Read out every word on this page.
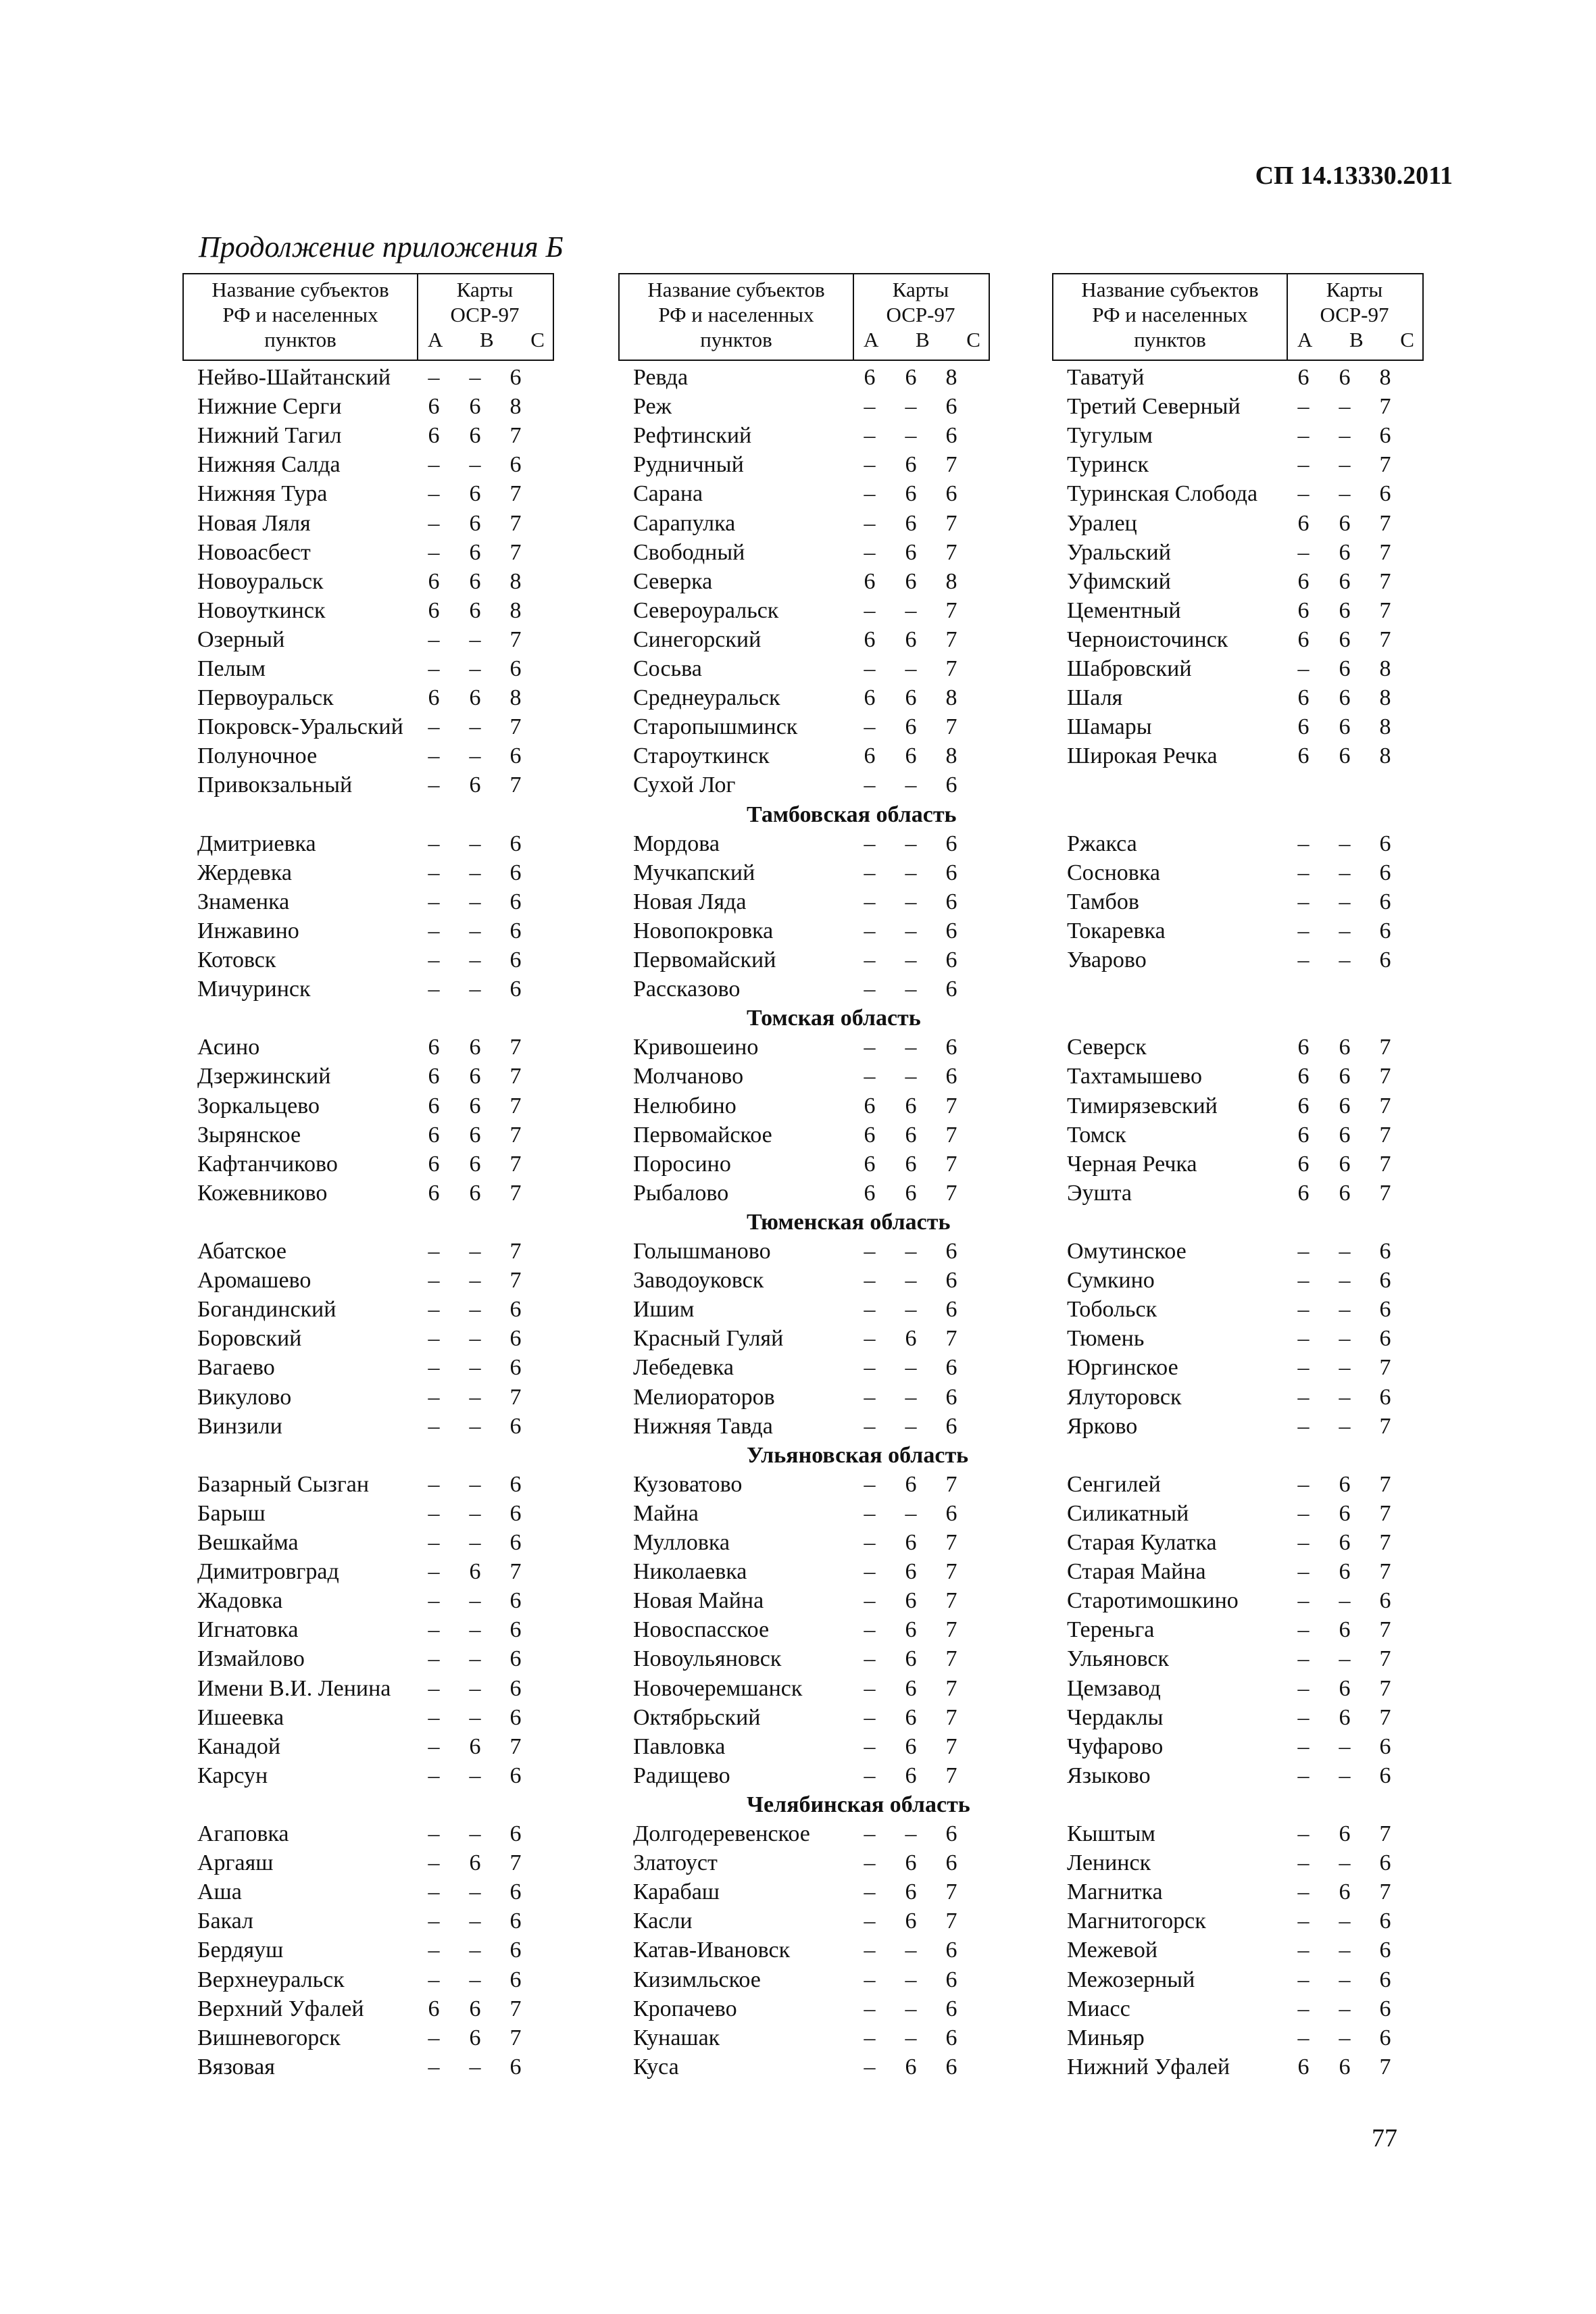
СП 14.13330.2011
Продолжение приложения Б
Название субъектов
РФ и населенных
пунктов
Карты
ОСР-97
А В С
Нейво-Шайтанский	–	–	6
Нижние Серги	6	6	8
Нижний Тагил	6	6	7
Нижняя Салда	–	–	6
Нижняя Тура	–	6	7
Новая Ляля	–	6	7
Новоасбест	–	6	7
Новоуральск	6	6	8
Новоуткинск	6	6	8
Озерный	–	–	7
Пелым	–	–	6
Первоуральск	6	6	8
Покровск-Уральский	–	–	7
Полуночное	–	–	6
Привокзальный	–	6	7
Дмитриевка	–	–	6
Жердевка	–	–	6
Знаменка	–	–	6
Инжавино	–	–	6
Котовск	–	–	6
Мичуринск	–	–	6
Асино	6	6	7
Дзержинский	6	6	7
Зоркальцево	6	6	7
Зырянское	6	6	7
Кафтанчиково	6	6	7
Кожевниково	6	6	7
Абатское	–	–	7
Аромашево	–	–	7
Богандинский	–	–	6
Боровский	–	–	6
Вагаево	–	–	6
Викулово	–	–	7
Винзили	–	–	6
Базарный Сызган	–	–	6
Барыш	–	–	6
Вешкайма	–	–	6
Димитровград	–	6	7
Жадовка	–	–	6
Игнатовка	–	–	6
Измайлово	–	–	6
Имени В.И. Ленина	–	–	6
Ишеевка	–	–	6
Канадой	–	6	7
Карсун	–	–	6
Агаповка	–	–	6
Аргаяш	–	6	7
Аша	–	–	6
Бакал	–	–	6
Бердяуш	–	–	6
Верхнеуральск	–	–	6
Верхний Уфалей	6	6	7
Вишневогорск	–	6	7
Вязовая	–	–	6
Название субъектов
РФ и населенных
пунктов
Карты
ОСР-97
А В С
Ревда	6	6	8
Реж	–	–	6
Рефтинский	–	–	6
Рудничный	–	6	7
Сарана	–	6	6
Сарапулка	–	6	7
Свободный	–	6	7
Северка	6	6	8
Североуральск	–	–	7
Синегорский	6	6	7
Сосьва	–	–	7
Среднеуральск	6	6	8
Старопышминск	–	6	7
Староуткинск	6	6	8
Сухой Лог	–	–	6
Тамбовская область
Мордова	–	–	6
Мучкапский	–	–	6
Новая Ляда	–	–	6
Новопокровка	–	–	6
Первомайский	–	–	6
Рассказово	–	–	6
Томская область
Кривошеино	–	–	6
Молчаново	–	–	6
Нелюбино	6	6	7
Первомайское	6	6	7
Поросино	6	6	7
Рыбалово	6	6	7
Тюменская область
Голышманово	–	–	6
Заводоуковск	–	–	6
Ишим	–	–	6
Красный Гуляй	–	6	7
Лебедевка	–	–	6
Мелиораторов	–	–	6
Нижняя Тавда	–	–	6
Ульяновская область
Кузоватово	–	6	7
Майна	–	–	6
Мулловка	–	6	7
Николаевка	–	6	7
Новая Майна	–	6	7
Новоспасское	–	6	7
Новоульяновск	–	6	7
Новочеремшанск	–	6	7
Октябрьский	–	6	7
Павловка	–	6	7
Радищево	–	6	7
Челябинская область
Долгодеревенское	–	–	6
Златоуст	–	6	6
Карабаш	–	6	7
Касли	–	6	7
Катав-Ивановск	–	–	6
Кизимльское	–	–	6
Кропачево	–	–	6
Кунашак	–	–	6
Куса	–	6	6
Название субъектов
РФ и населенных
пунктов
Карты
ОСР-97
А В С
Таватуй	6	6	8
Третий Северный	–	–	7
Тугулым	–	–	6
Туринск	–	–	7
Туринская Слобода	–	–	6
Уралец	6	6	7
Уральский	–	6	7
Уфимский	6	6	7
Цементный	6	6	7
Черноисточинск	6	6	7
Шабровский	–	6	8
Шаля	6	6	8
Шамары	6	6	8
Широкая Речка	6	6	8
Ржакса	–	–	6
Сосновка	–	–	6
Тамбов	–	–	6
Токаревка	–	–	6
Уварово	–	–	6
Северск	6	6	7
Тахтамышево	6	6	7
Тимирязевский	6	6	7
Томск	6	6	7
Черная Речка	6	6	7
Эушта	6	6	7
Омутинское	–	–	6
Сумкино	–	–	6
Тобольск	–	–	6
Тюмень	–	–	6
Юргинское	–	–	7
Ялуторовск	–	–	6
Ярково	–	–	7
Сенгилей	–	6	7
Силикатный	–	6	7
Старая Кулатка	–	6	7
Старая Майна	–	6	7
Старотимошкино	–	–	6
Тереньга	–	6	7
Ульяновск	–	–	7
Цемзавод	–	6	7
Чердаклы	–	6	7
Чуфарово	–	–	6
Языково	–	–	6
Кыштым	–	6	7
Ленинск	–	–	6
Магнитка	–	6	7
Магнитогорск	–	–	6
Межевой	–	–	6
Межозерный	–	–	6
Миасс	–	–	6
Миньяр	–	–	6
Нижний Уфалей	6	6	7
77
